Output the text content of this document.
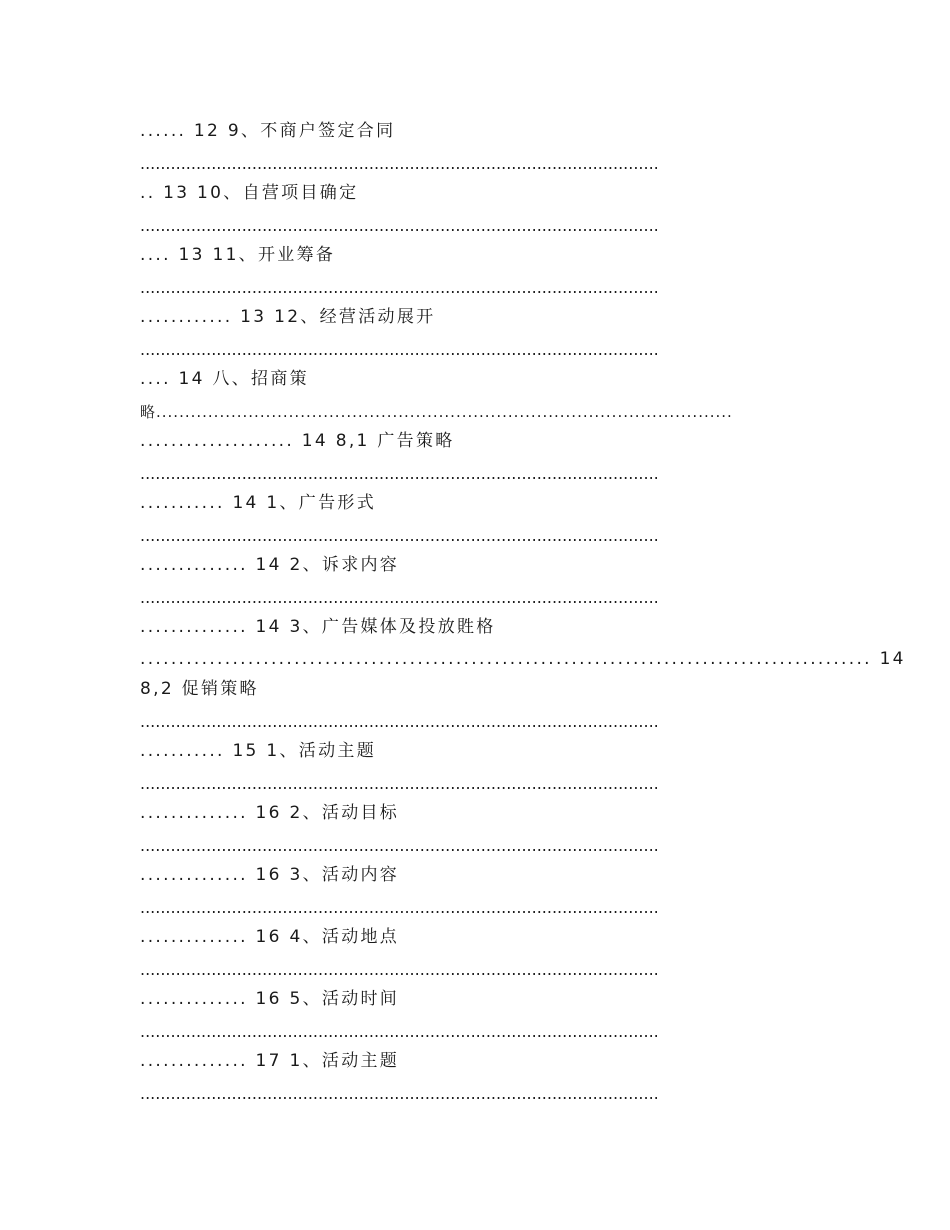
...... 12 9、不商户签定合同
......................................................................................................
.. 13 10、自营项目确定
......................................................................................................
.... 13 11、开业筹备
......................................................................................................
............ 13 12、经营活动展开
......................................................................................................
.... 14 八、招商策
略....................................................................................................
.................... 14 8,1 广告策略
......................................................................................................
........... 14 1、广告形式
......................................................................................................
.............. 14 2、诉求内容
......................................................................................................
.............. 14 3、广告媒体及投放貹格
............................................................................................... 14
8,2 促销策略
......................................................................................................
........... 15 1、活动主题
......................................................................................................
.............. 16 2、活动目标
......................................................................................................
.............. 16 3、活动内容
......................................................................................................
.............. 16 4、活动地点
......................................................................................................
.............. 16 5、活动时间
......................................................................................................
.............. 17 1、活动主题
......................................................................................................
